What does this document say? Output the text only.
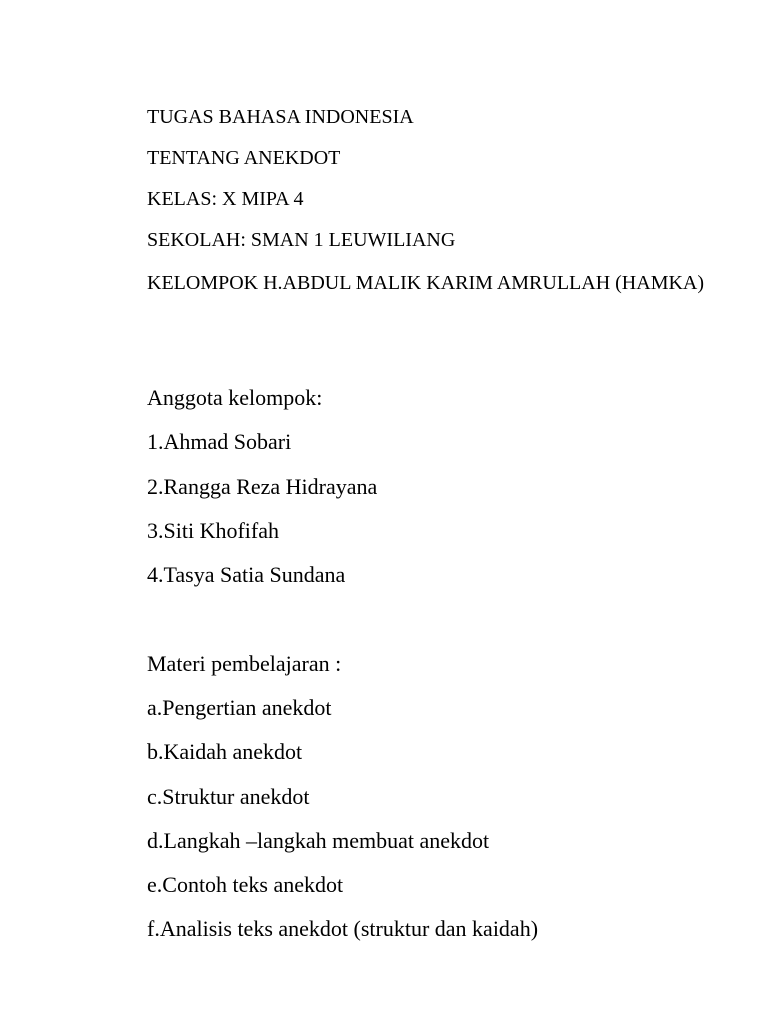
TUGAS BAHASA INDONESIA

TENTANG ANEKDOT

KELAS: X MIPA 4

SEKOLAH: SMAN 1 LEUWILIANG

KELOMPOK H.ABDUL MALIK KARIM AMRULLAH (HAMKA)

Anggota kelompok:

1.Ahmad Sobari

2.Rangga Reza Hidrayana

3.Siti Khofifah

4.Tasya Satia Sundana

Materi pembelajaran :

a.Pengertian anekdot

b.Kaidah anekdot

c.Struktur anekdot

d.Langkah –langkah membuat anekdot

e.Contoh teks anekdot

f.Analisis teks anekdot (struktur dan kaidah)
